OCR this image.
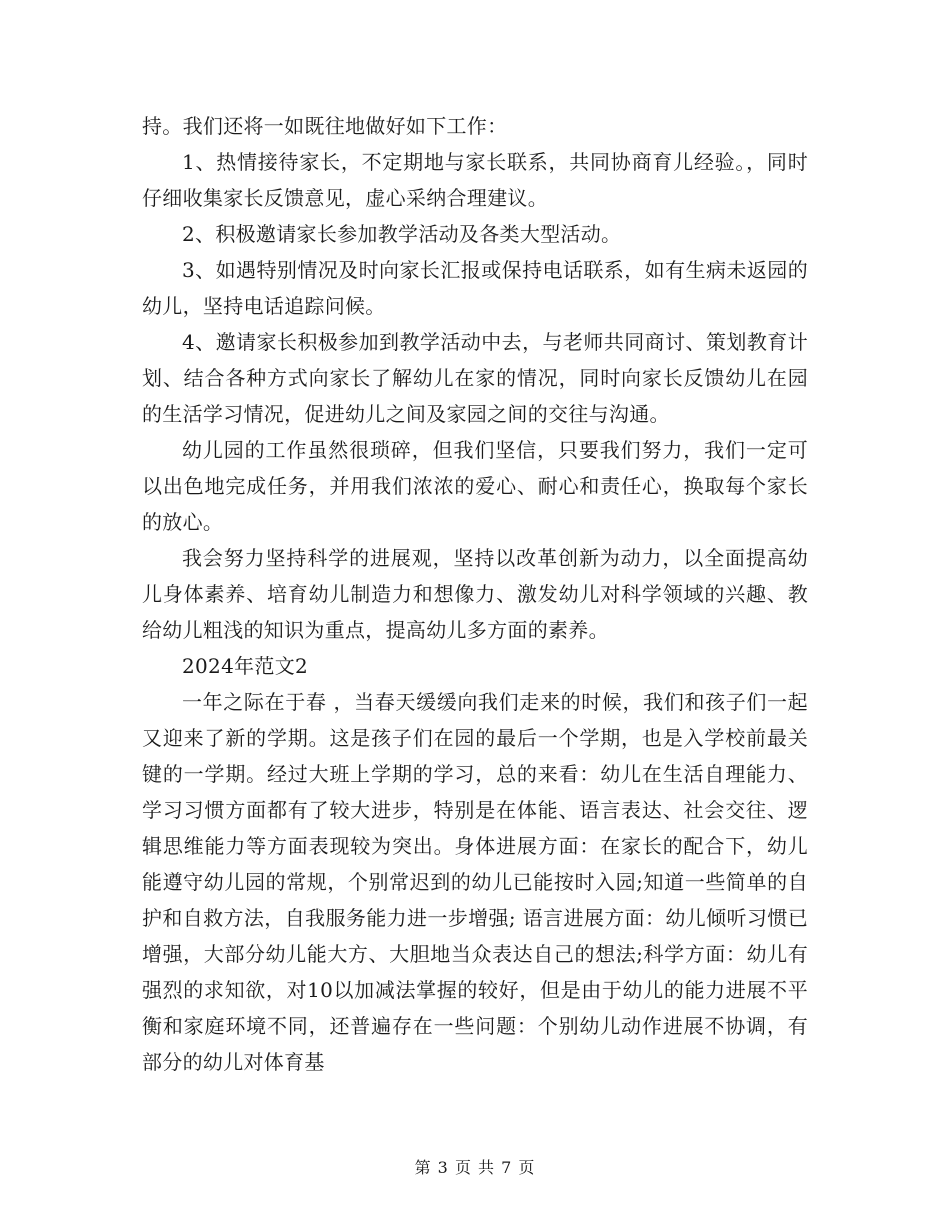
持。我们还将一如既往地做好如下工作：

1、热情接待家长，不定期地与家长联系，共同协商育儿经验。，同时仔细收集家长反馈意见，虚心采纳合理建议。

2、积极邀请家长参加教学活动及各类大型活动。

3、如遇特别情况及时向家长汇报或保持电话联系，如有生病未返园的幼儿，坚持电话追踪问候。

4、邀请家长积极参加到教学活动中去，与老师共同商讨、策划教育计划、结合各种方式向家长了解幼儿在家的情况，同时向家长反馈幼儿在园的生活学习情况，促进幼儿之间及家园之间的交往与沟通。

幼儿园的工作虽然很琐碎，但我们坚信，只要我们努力，我们一定可以出色地完成任务，并用我们浓浓的爱心、耐心和责任心，换取每个家长的放心。

我会努力坚持科学的进展观，坚持以改革创新为动力，以全面提高幼儿身体素养、培育幼儿制造力和想像力、激发幼儿对科学领域的兴趣、教给幼儿粗浅的知识为重点，提高幼儿多方面的素养。

2024年范文2

一年之际在于春 ，当春天缓缓向我们走来的时候，我们和孩子们一起又迎来了新的学期。这是孩子们在园的最后一个学期，也是入学校前最关键的一学期。经过大班上学期的学习，总的来看：幼儿在生活自理能力、学习习惯方面都有了较大进步，特别是在体能、语言表达、社会交往、逻辑思维能力等方面表现较为突出。身体进展方面：在家长的配合下，幼儿能遵守幼儿园的常规，个别常迟到的幼儿已能按时入园;知道一些简单的自护和自救方法，自我服务能力进一步增强; 语言进展方面：幼儿倾听习惯已增强，大部分幼儿能大方、大胆地当众表达自己的想法;科学方面：幼儿有强烈的求知欲，对10以加减法掌握的较好，但是由于幼儿的能力进展不平衡和家庭环境不同，还普遍存在一些问题：个别幼儿动作进展不协调，有部分的幼儿对体育基

第 3 页 共 7 页
